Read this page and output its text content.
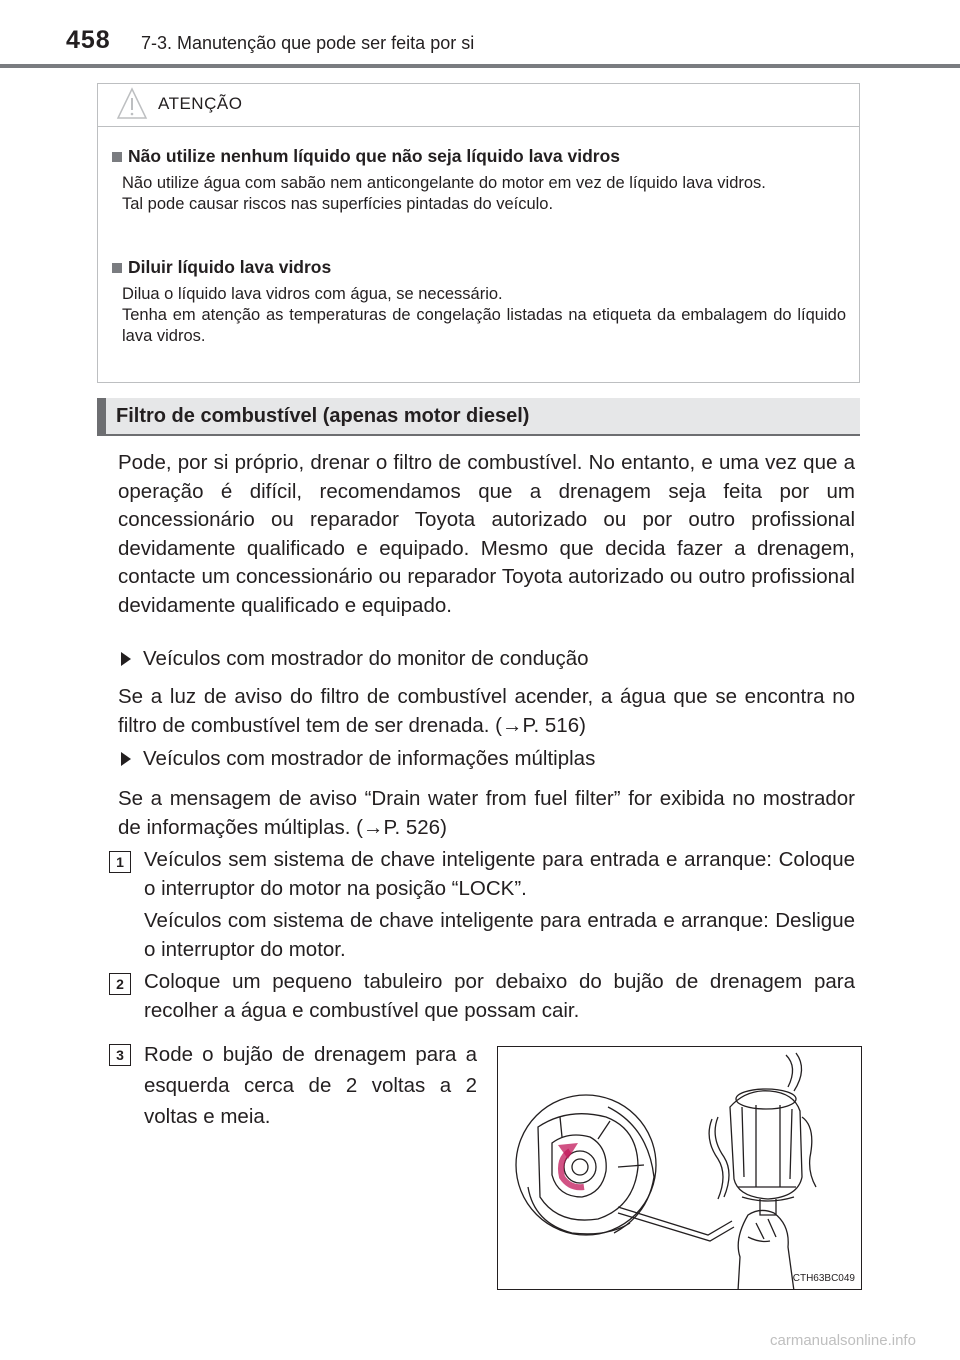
458 7-3. Manutenção que pode ser feita por si
ATENÇÃO
Não utilize nenhum líquido que não seja líquido lava vidros
Não utilize água com sabão nem anticongelante do motor em vez de líquido lava vidros.
Tal pode causar riscos nas superfícies pintadas do veículo.
Diluir líquido lava vidros
Dilua o líquido lava vidros com água, se necessário.
Tenha em atenção as temperaturas de congelação listadas na etiqueta da embalagem do líquido lava vidros.
Filtro de combustível (apenas motor diesel)
Pode, por si próprio, drenar o filtro de combustível. No entanto, e uma vez que a operação é difícil, recomendamos que a drenagem seja feita por um concessionário ou reparador Toyota autorizado ou por outro profissional devidamente qualificado e equipado. Mesmo que decida fazer a drenagem, contacte um concessionário ou reparador Toyota autorizado ou outro profissional devidamente qualificado e equipado.
Veículos com mostrador do monitor de condução
Se a luz de aviso do filtro de combustível acender, a água que se encontra no filtro de combustível tem de ser drenada. (→P. 516)
Veículos com mostrador de informações múltiplas
Se a mensagem de aviso “Drain water from fuel filter” for exibida no mostrador de informações múltiplas. (→P. 526)
1 Veículos sem sistema de chave inteligente para entrada e arranque: Coloque o interruptor do motor na posição “LOCK”.
Veículos com sistema de chave inteligente para entrada e arranque: Desligue o interruptor do motor.
2 Coloque um pequeno tabuleiro por debaixo do bujão de drenagem para recolher a água e combustível que possam cair.
3 Rode o bujão de drenagem para a esquerda cerca de 2 voltas a 2 voltas e meia.
CTH63BC049
carmanualsonline.info
